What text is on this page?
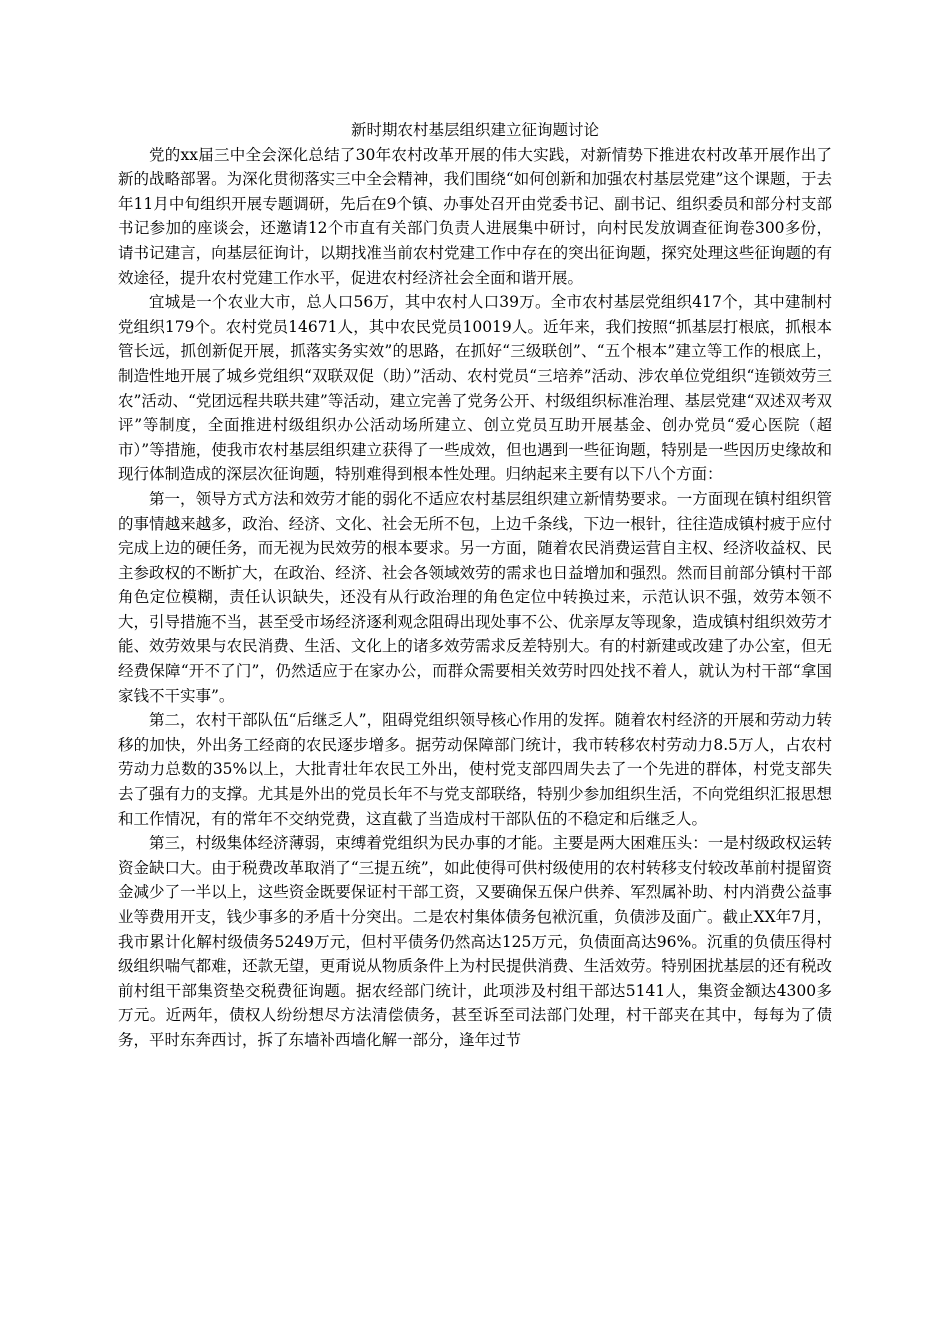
新时期农村基层组织建立征询题讨论

党的xx届三中全会深化总结了30年农村改革开展的伟大实践，对新情势下推进农村改革开展作出了新的战略部署。为深化贯彻落实三中全会精神，我们围绕“如何创新和加强农村基层党建”这个课题，于去年11月中旬组织开展专题调研，先后在9个镇、办事处召开由党委书记、副书记、组织委员和部分村支部书记参加的座谈会，还邀请12个市直有关部门负责人进展集中研讨，向村民发放调查征询卷300多份，请书记建言，向基层征询计，以期找准当前农村党建工作中存在的突出征询题，探究处理这些征询题的有效途径，提升农村党建工作水平，促进农村经济社会全面和谐开展。

宜城是一个农业大市，总人口56万，其中农村人口39万。全市农村基层党组织417个，其中建制村党组织179个。农村党员14671人，其中农民党员10019人。近年来，我们按照“抓基层打根底，抓根本管长远，抓创新促开展，抓落实务实效”的思路，在抓好“三级联创”、“五个根本”建立等工作的根底上，制造性地开展了城乡党组织“双联双促（助）”活动、农村党员“三培养”活动、涉农单位党组织“连锁效劳三农”活动、“党团远程共联共建”等活动，建立完善了党务公开、村级组织标准治理、基层党建“双述双考双评”等制度，全面推进村级组织办公活动场所建立、创立党员互助开展基金、创办党员“爱心医院（超市）”等措施，使我市农村基层组织建立获得了一些成效，但也遇到一些征询题，特别是一些因历史缘故和现行体制造成的深层次征询题，特别难得到根本性处理。归纳起来主要有以下八个方面：

第一，领导方式方法和效劳才能的弱化不适应农村基层组织建立新情势要求。一方面现在镇村组织管的事情越来越多，政治、经济、文化、社会无所不包，上边千条线，下边一根针，往往造成镇村疲于应付完成上边的硬任务，而无视为民效劳的根本要求。另一方面，随着农民消费运营自主权、经济收益权、民主参政权的不断扩大，在政治、经济、社会各领域效劳的需求也日益增加和强烈。然而目前部分镇村干部角色定位模糊，责任认识缺失，还没有从行政治理的角色定位中转换过来，示范认识不强，效劳本领不大，引导措施不当，甚至受市场经济逐利观念阻碍出现处事不公、优亲厚友等现象，造成镇村组织效劳才能、效劳效果与农民消费、生活、文化上的诸多效劳需求反差特别大。有的村新建或改建了办公室，但无经费保障“开不了门”，仍然适应于在家办公，而群众需要相关效劳时四处找不着人，就认为村干部“拿国家钱不干实事”。

第二，农村干部队伍“后继乏人”，阻碍党组织领导核心作用的发挥。随着农村经济的开展和劳动力转移的加快，外出务工经商的农民逐步增多。据劳动保障部门统计，我市转移农村劳动力8.5万人，占农村劳动力总数的35%以上，大批青壮年农民工外出，使村党支部四周失去了一个先进的群体，村党支部失去了强有力的支撑。尤其是外出的党员长年不与党支部联络，特别少参加组织生活，不向党组织汇报思想和工作情况，有的常年不交纳党费，这直截了当造成村干部队伍的不稳定和后继乏人。

第三，村级集体经济薄弱，束缚着党组织为民办事的才能。主要是两大困难压头：一是村级政权运转资金缺口大。由于税费改革取消了“三提五统”，如此使得可供村级使用的农村转移支付较改革前村提留资金减少了一半以上，这些资金既要保证村干部工资，又要确保五保户供养、军烈属补助、村内消费公益事业等费用开支，钱少事多的矛盾十分突出。二是农村集体债务包袱沉重，负债涉及面广。截止XX年7月，我市累计化解村级债务5249万元，但村平债务仍然高达125万元，负债面高达96%。沉重的负债压得村级组织喘气都难，还款无望，更甭说从物质条件上为村民提供消费、生活效劳。特别困扰基层的还有税改前村组干部集资垫交税费征询题。据农经部门统计，此项涉及村组干部达5141人，集资金额达4300多万元。近两年，债权人纷纷想尽方法清偿债务，甚至诉至司法部门处理，村干部夹在其中，每每为了债务，平时东奔西讨，拆了东墙补西墙化解一部分，逢年过节
